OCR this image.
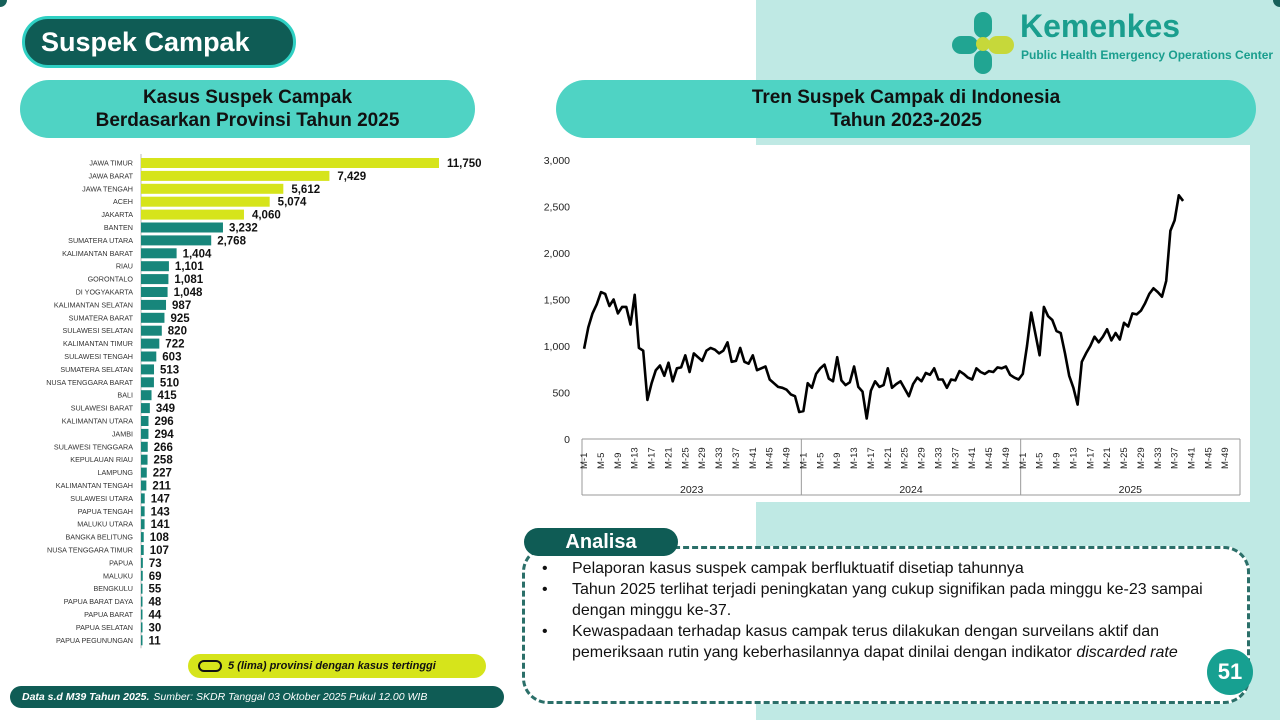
Suspek Campak	Kemenkes
Public Health Emergency Operations Center
Kasus Suspek Campak
Berdasarkan Provinsi Tahun 2025
Tren Suspek Campak di Indonesia
Tahun 2023-2025
JAWA TIMUR	11,750
JAWA BARAT	7,429
JAWA TENGAH	5,612
ACEH	5,074
JAKARTA	4,060
BANTEN	3,232
SUMATERA UTARA	2,768
KALIMANTAN BARAT	1,404
RIAU	1,101
GORONTALO	1,081
DI YOGYAKARTA	1,048
KALIMANTAN SELATAN	987
SUMATERA BARAT	925
SULAWESI SELATAN	820
KALIMANTAN TIMUR	722
SULAWESI TENGAH	603
SUMATERA SELATAN 513
NUSA TENGGARA BARAT 510
BALI 415
SULAWESI BARAT 349
KALIMANTAN UTARA 296
JAMBI 294
SULAWESI TENGGARA 266
KEPULAUAN RIAU 258
LAMPUNG 227
KALIMANTAN TENGAH 211
SULAWESI UTARA 147
PAPUA TENGAH 143
MALUKU UTARA 141
BANGKA BELITUNG 108
NUSA TENGGARA TIMUR 107
PAPUA 73
MALUKU 69
BENGKULU 55
PAPUA BARAT DAYA 48
PAPUA BARAT 44
PAPUA SELATAN 30
PAPUA PEGUNUNGAN 11
5 (lima) provinsi dengan kasus tertinggi
Data s.d M39 Tahun 2025. Sumber: SKDR Tanggal 03 Oktober 2025 Pukul 12.00 WIB
0
500
1,000
1,500
2,000
2,500
3,000
M-1 M-5 M-9 M-13 M-17 M-21 M-25 M-29 M-33 M-37 M-41 M-45 M-49
2023
M-1 M-5 M-9 M-13 M-17 M-21 M-25 M-29 M-33 M-37 M-41 M-45 M-49
2024
M-1 M-5 M-9 M-13 M-17 M-21 M-25 M-29 M-33 M-37 M-41 M-45 M-49
2025
Analisa
• Pelaporan kasus suspek campak berfluktuatif disetiap tahunnya
• Tahun 2025 terlihat terjadi peningkatan yang cukup signifikan pada minggu ke-23 sampai dengan minggu ke-37.
• Kewaspadaan terhadap kasus campak terus dilakukan dengan surveilans aktif dan pemeriksaan rutin yang keberhasilannya dapat dinilai dengan indikator discarded rate
51
